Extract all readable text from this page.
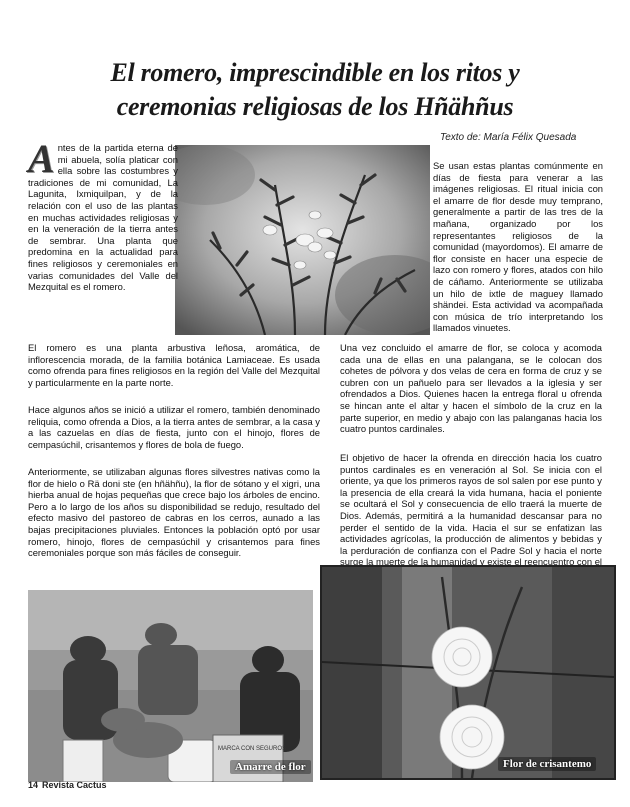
El romero, imprescindible en los ritos y
ceremonias religiosas de los Hñähñus
Texto de: María Félix Quesada
Antes de la partida eterna de mi abuela, solía platicar con ella sobre las costumbres y tradiciones de mi comunidad, La Lagunita, Ixmiquilpan, y de la relación con el uso de las plantas en muchas actividades religiosas y en la veneración de la tierra antes de sembrar. Una planta que predomina en la actualidad para fines religiosos y ceremoniales en varias comunidades del Valle del Mezquital es el romero.
El romero es una planta arbustiva leñosa, aromática, de inflorescencia morada, de la familia botánica Lamiaceae. Es usada como ofrenda para fines religiosos en la región del Valle del Mezquital y particularmente en la parte norte.
Hace algunos años se inició a utilizar el romero, también denominado reliquia, como ofrenda a Dios, a la tierra antes de sembrar, a la casa y a las cazuelas en días de fiesta, junto con el hinojo, flores de cempasúchil, crisantemos y flores de bola de fuego.
Anteriormente, se utilizaban algunas flores silvestres nativas como la flor de hielo o Rä doni ste (en hñähñu), la flor de sótano y el xigri, una hierba anual de hojas pequeñas que crece bajo los árboles de encino. Pero a lo largo de los años su disponibilidad se redujo, resultado del efecto masivo del pastoreo de cabras en los cerros, aunado a las bajas precipitaciones pluviales. Entonces la población optó por usar romero, hinojo, flores de cempasúchil y crisantemos para fines ceremoniales porque son más fáciles de conseguir.
Se usan estas plantas comúnmente en días de fiesta para venerar a las imágenes religiosas. El ritual inicia con el amarre de flor desde muy temprano, generalmente a partir de las tres de la mañana, organizado por los representantes religiosos de la comunidad (mayordomos). El amarre de flor consiste en hacer una especie de lazo con romero y flores, atados con hilo de cáñamo. Anteriormente se utilizaba un hilo de ixtle de maguey llamado shändei. Esta actividad va acompañada con música de trío interpretando los llamados vinuetes.
Una vez concluido el amarre de flor, se coloca y acomoda cada una de ellas en una palangana, se le colocan dos cohetes de pólvora y dos velas de cera en forma de cruz y se cubren con un pañuelo para ser llevados a la iglesia y ser ofrendados a Dios. Quienes hacen la entrega floral u ofrenda se hincan ante el altar y hacen el símbolo de la cruz en la parte superior, en medio y abajo con las palanganas hacia los cuatro puntos cardinales.
El objetivo de hacer la ofrenda en dirección hacia los cuatro puntos cardinales es en veneración al Sol. Se inicia con el oriente, ya que los primeros rayos de sol salen por ese punto y la presencia de ella creará la vida humana, hacia el poniente se ocultará el Sol y consecuencia de ello traerá la muerte de Dios. Además, permitirá a la humanidad descansar para no perder el sentido de la vida. Hacia el sur se enfatizan las actividades agrícolas, la producción de alimentos y bebidas y la perduración de confianza con el Padre Sol y hacia el norte surge la muerte de la humanidad y existe el reencuentro con el
MARCA CON SEGUROS
Amarre de flor	Flor de crisantemo
14 Revista Cactus
